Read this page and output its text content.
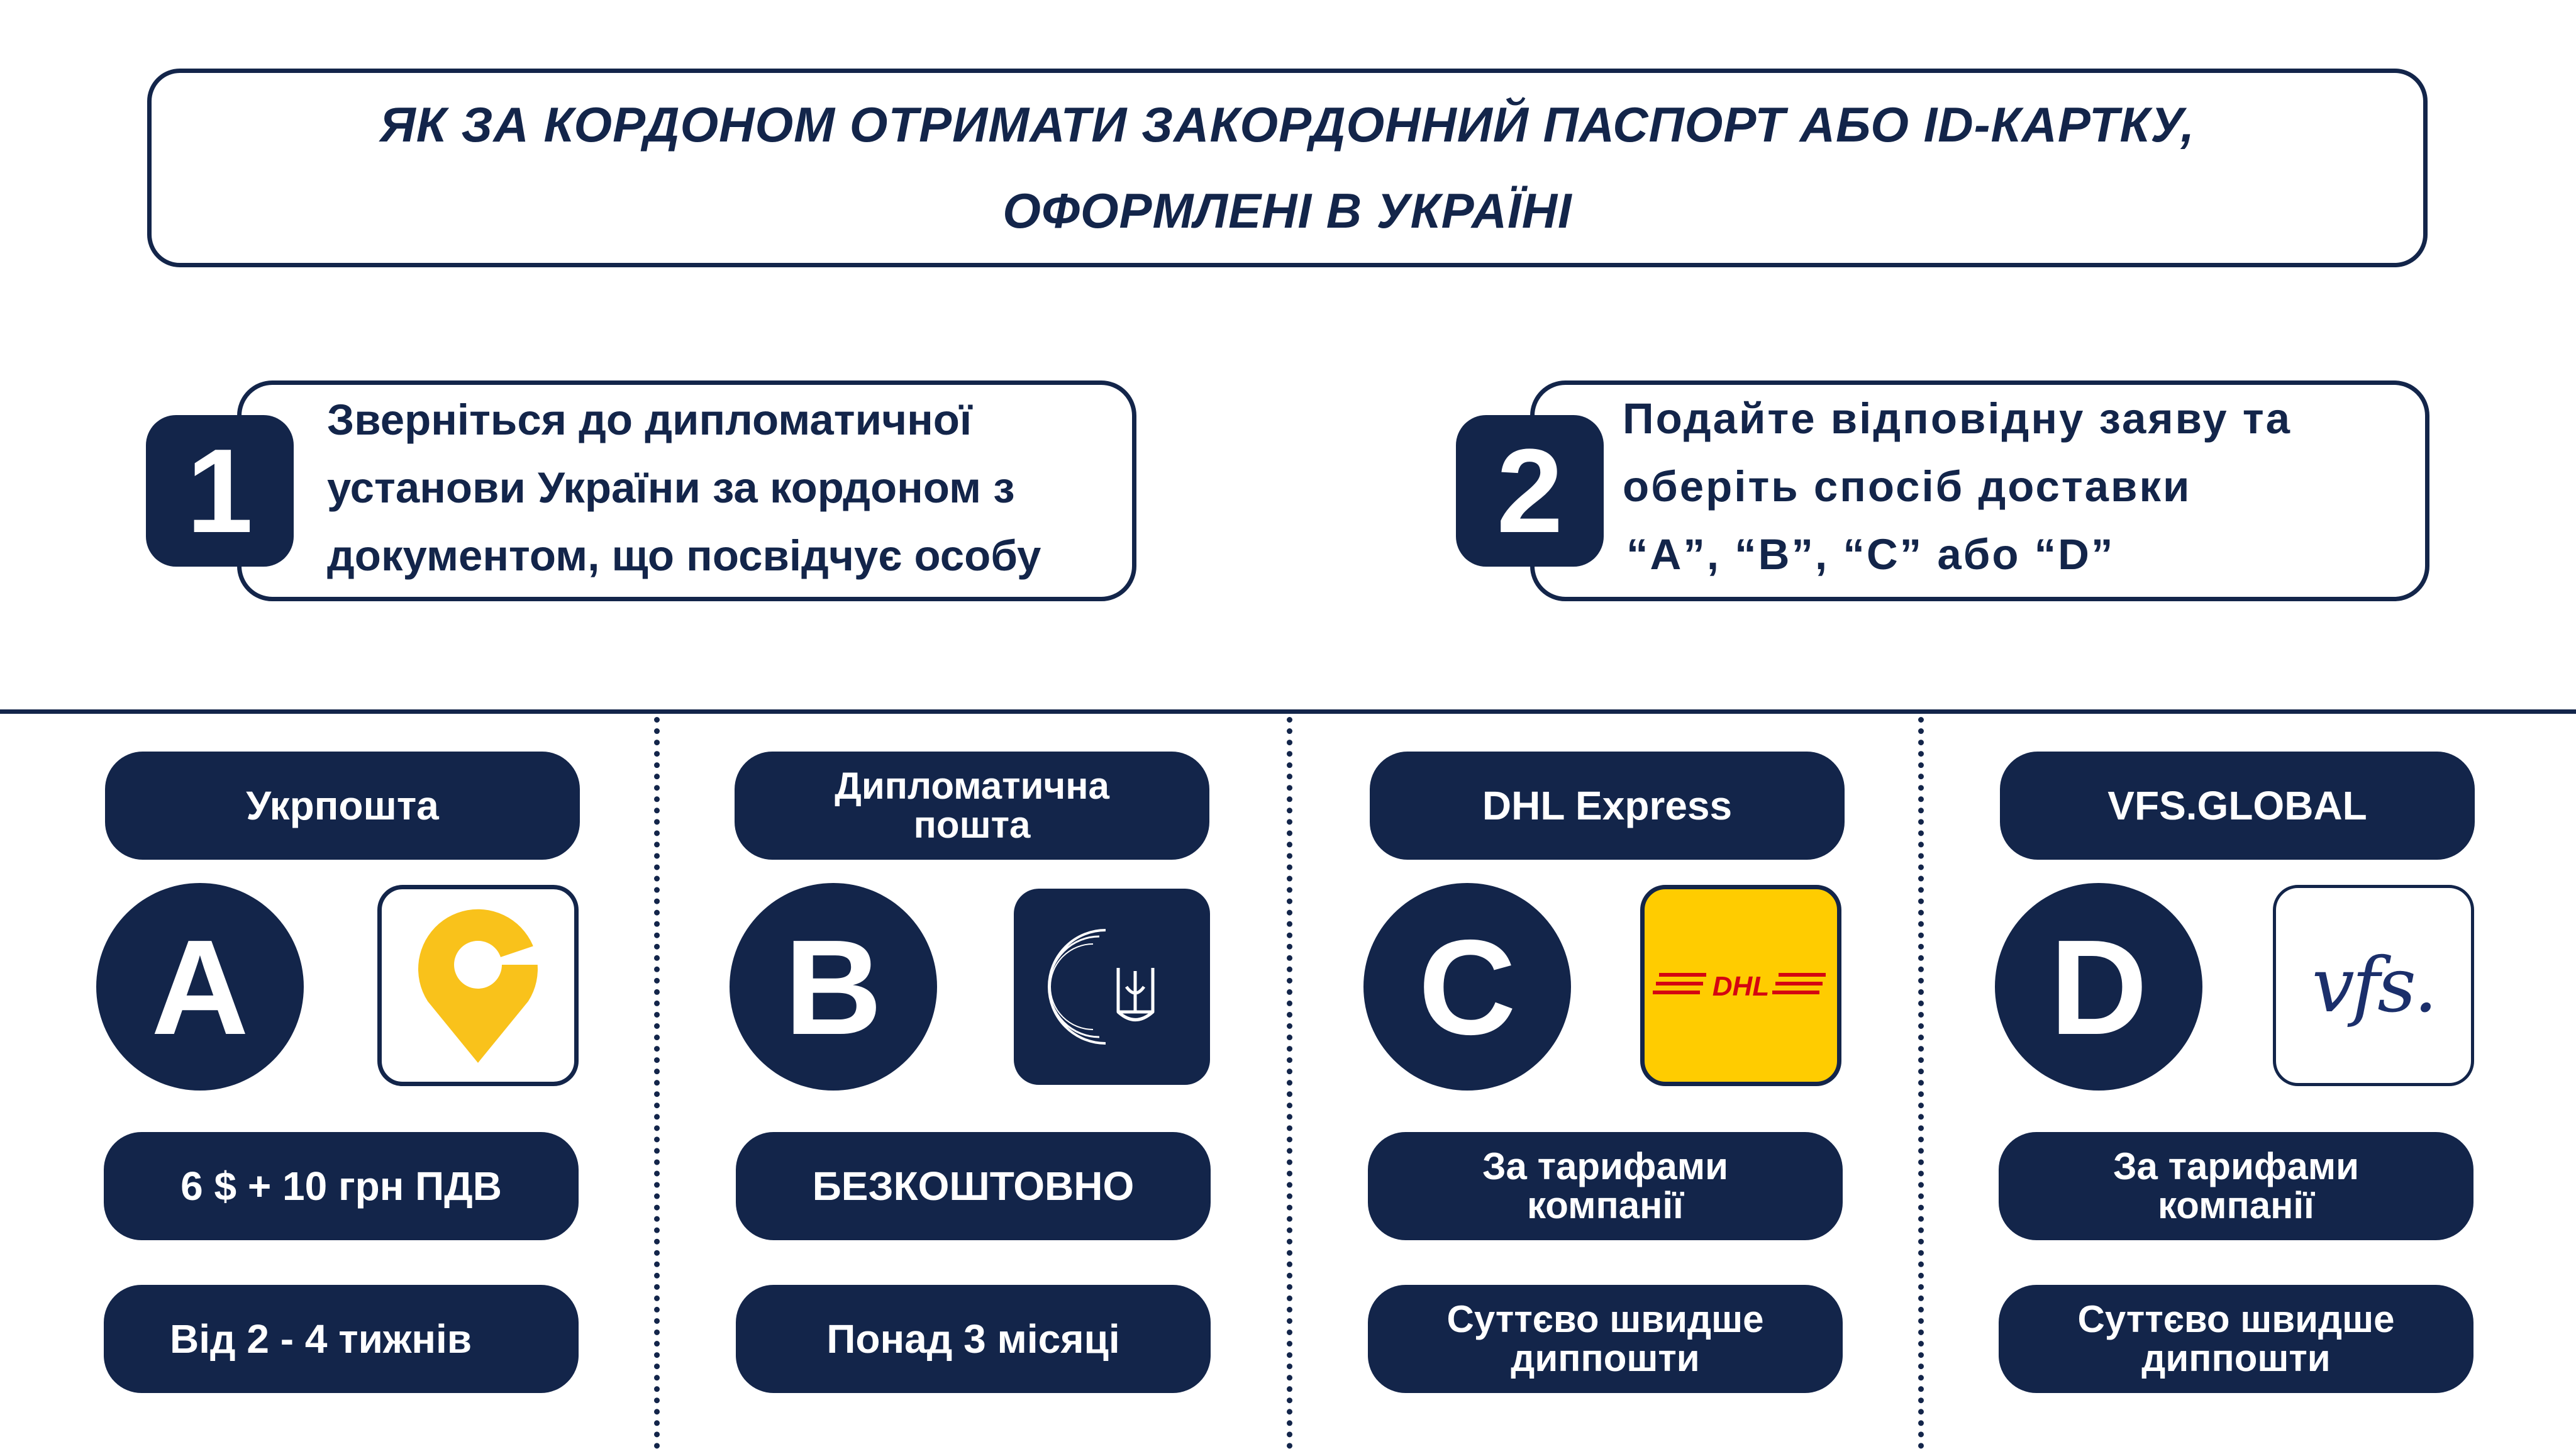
ЯК ЗА КОРДОНОМ ОТРИМАТИ ЗАКОРДОННИЙ ПАСПОРТ АБО ID-КАРТКУ,
ОФОРМЛЕНІ В УКРАЇНІ
1
Зверніться до дипломатичної
установи України за кордоном з
документом, що посвідчує особу	2
Подайте відповідну заяву та
оберіть спосіб доставки
“А”, “В”, “С” або “D”
Укрпошта
A
6 $ + 10 грн ПДВ
Від 2 - 4 тижнів
Дипломатична
пошта
B
БЕЗКОШТОВНО
Понад 3 місяці
DHL Express
C	DHL
За тарифами
компанії
Суттєво швидше
диппошти
VFS.GLOBAL
D	vfs.
За тарифами
компанії
Суттєво швидше
диппошти
